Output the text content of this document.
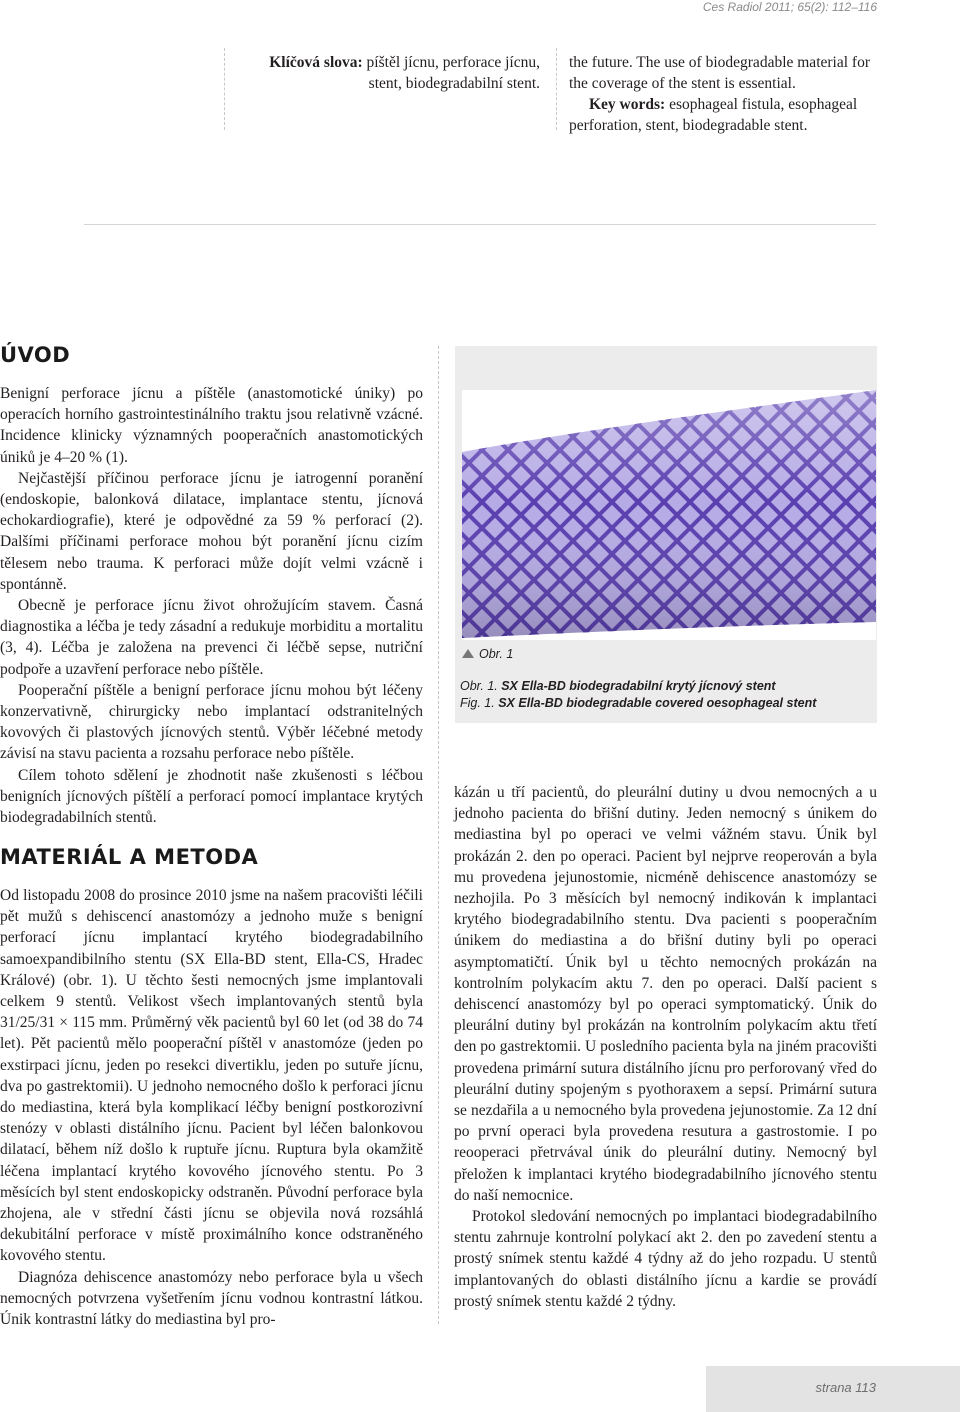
Ces Radiol 2011; 65(2): 112–116
Klíčová slova: píštěl jícnu, perforace jícnu, stent, biodegradabilní stent.
the future. The use of biodegradable material for the coverage of the stent is essential.
Key words: esophageal fistula, esophageal perforation, stent, biodegradable stent.
ÚVOD

Benigní perforace jícnu a píštěle (anastomotické úniky) po operacích horního gastrointestinálního traktu jsou relativně vzácné. Incidence klinicky významných pooperačních anastomotických úniků je 4–20 % (1).

Nejčastější příčinou perforace jícnu je iatrogenní poranění (endoskopie, balonková dilatace, implantace stentu, jícnová echokardiografie), které je odpovědné za 59 % perforací (2). Dalšími příčinami perforace mohou být poranění jícnu cizím tělesem nebo trauma. K perforaci může dojít velmi vzácně i spontánně.

Obecně je perforace jícnu život ohrožujícím stavem. Časná diagnostika a léčba je tedy zásadní a redukuje morbiditu a mortalitu (3, 4). Léčba je založena na prevenci či léčbě sepse, nutriční podpoře a uzavření perforace nebo píštěle.

Pooperační píštěle a benigní perforace jícnu mohou být léčeny konzervativně, chirurgicky nebo implantací odstranitelných kovových či plastových jícnových stentů. Výběr léčebné metody závisí na stavu pacienta a rozsahu perforace nebo píštěle.

Cílem tohoto sdělení je zhodnotit naše zkušenosti s léčbou benigních jícnových píštělí a perforací pomocí implantace krytých biodegradabilních stentů.

MATERIÁL A METODA

Od listopadu 2008 do prosince 2010 jsme na našem pracovišti léčili pět mužů s dehiscencí anastomózy a jednoho muže s benigní perforací jícnu implantací krytého biodegradabilního samoexpandibilního stentu (SX Ella-BD stent, Ella-CS, Hradec Králové) (obr. 1). U těchto šesti nemocných jsme implantovali celkem 9 stentů. Velikost všech implantovaných stentů byla 31/25/31 × 115 mm. Průměrný věk pacientů byl 60 let (od 38 do 74 let). Pět pacientů mělo pooperační píštěl v anastomóze (jeden po exstirpaci jícnu, jeden po resekci divertiklu, jeden po sutuře jícnu, dva po gastrektomii). U jednoho nemocného došlo k perforaci jícnu do mediastina, která byla komplikací léčby benigní postkorozivní stenózy v oblasti distálního jícnu. Pacient byl léčen balonkovou dilatací, během níž došlo k ruptuře jícnu. Ruptura byla okamžitě léčena implantací krytého kovového jícnového stentu. Po 3 měsících byl stent endoskopicky odstraněn. Původní perforace byla zhojena, ale v střední části jícnu se objevila nová rozsáhlá dekubitální perforace v místě proximálního konce odstraněného kovového stentu.

Diagnóza dehiscence anastomózy nebo perforace byla u všech nemocných potvrzena vyšetřením jícnu vodnou kontrastní látkou. Únik kontrastní látky do mediastina byl pro-

Obr. 1
Obr. 1. SX Ella-BD biodegradabilní krytý jícnový stent
Fig. 1. SX Ella-BD biodegradable covered oesophageal stent

kázán u tří pacientů, do pleurální dutiny u dvou nemocných a u jednoho pacienta do břišní dutiny. Jeden nemocný s únikem do mediastina byl po operaci ve velmi vážném stavu. Únik byl prokázán 2. den po operaci. Pacient byl nejprve reoperován a byla mu provedena jejunostomie, nicméně dehiscence anastomózy se nezhojila. Po 3 měsících byl nemocný indikován k implantaci krytého biodegradabilního stentu. Dva pacienti s pooperačním únikem do mediastina a do břišní dutiny byli po operaci asymptomatičtí. Únik byl u těchto nemocných prokázán na kontrolním polykacím aktu 7. den po operaci. Další pacient s dehiscencí anastomózy byl po operaci symptomatický. Únik do pleurální dutiny byl prokázán na kontrolním polykacím aktu třetí den po gastrektomii. U posledního pacienta byla na jiném pracovišti provedena primární sutura distálního jícnu pro perforovaný vřed do pleurální dutiny spojeným s pyothoraxem a sepsí. Primární sutura se nezdařila a u nemocného byla provedena jejunostomie. Za 12 dní po první operaci byla provedena resutura a gastrostomie. I po reooperaci přetrvával únik do pleurální dutiny. Nemocný byl přeložen k implantaci krytého biodegradabilního jícnového stentu do naší nemocnice.

Protokol sledování nemocných po implantaci biodegradabilního stentu zahrnuje kontrolní polykací akt 2. den po zavedení stentu a prostý snímek stentu každé 4 týdny až do jeho rozpadu. U stentů implantovaných do oblasti distálního jícnu a kardie se provádí prostý snímek stentu každé 2 týdny.

strana 113
